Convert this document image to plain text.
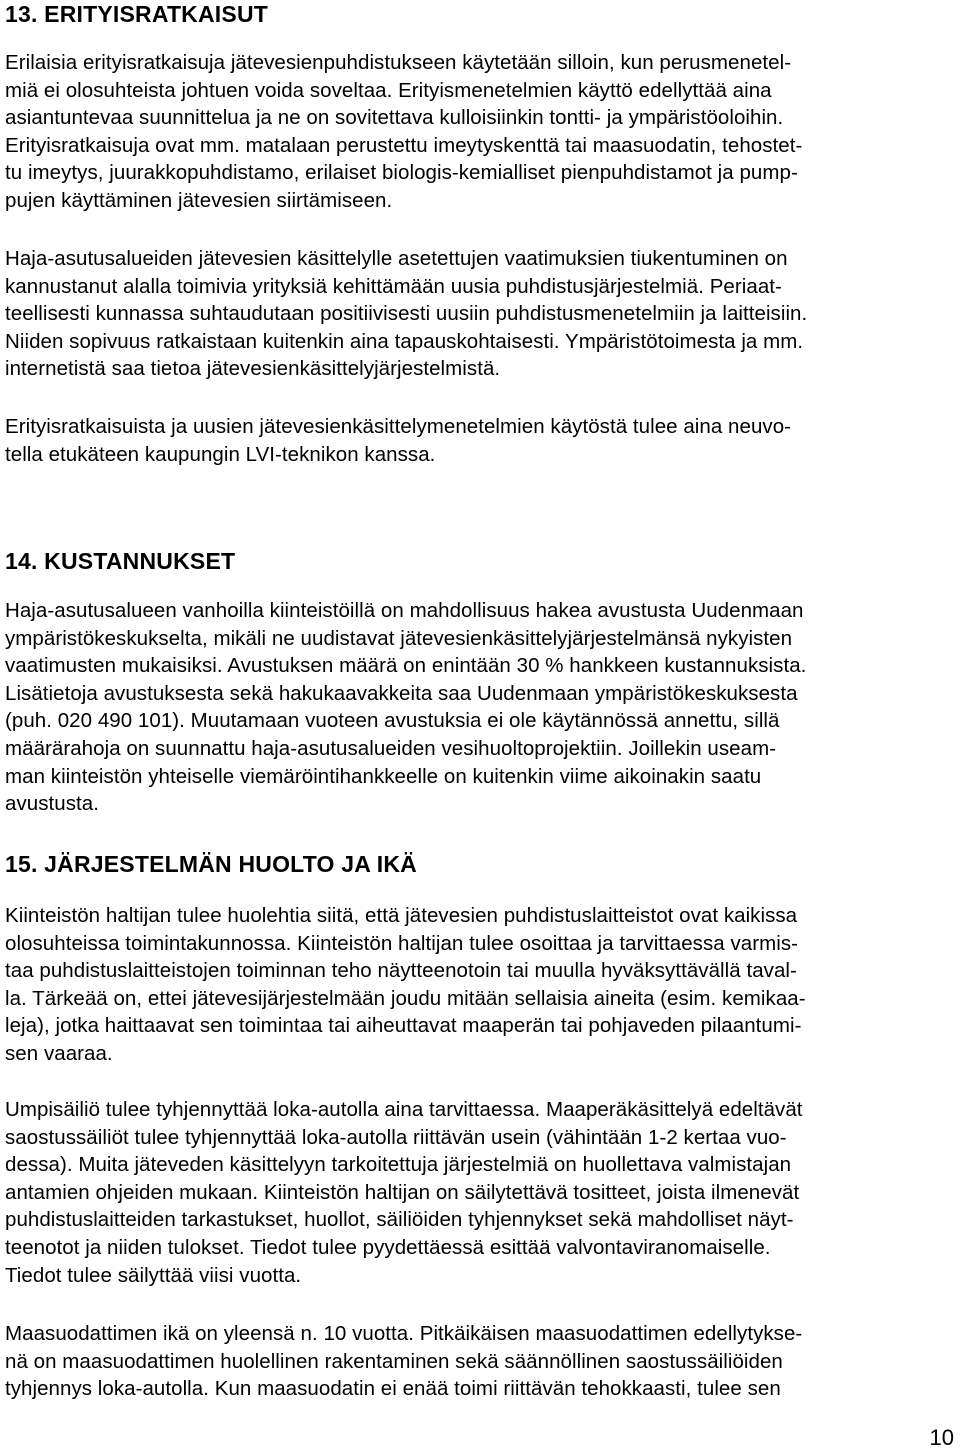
13. ERITYISRATKAISUT

Erilaisia erityisratkaisuja jätevesienpuhdistukseen käytetään silloin, kun perusmenetel-
miä ei olosuhteista johtuen voida soveltaa. Erityismenetelmien käyttö edellyttää aina
asiantuntevaa suunnittelua ja ne on sovitettava kulloisiinkin tontti- ja ympäristöoloihin.
Erityisratkaisuja ovat mm. matalaan perustettu imeytyskenttä tai maasuodatin, tehostet-
tu imeytys, juurakkopuhdistamo, erilaiset biologis-kemialliset pienpuhdistamot ja pump-
pujen käyttäminen jätevesien siirtämiseen.

Haja-asutusalueiden jätevesien käsittelylle asetettujen vaatimuksien tiukentuminen on
kannustanut alalla toimivia yrityksiä kehittämään uusia puhdistusjärjestelmiä. Periaat-
teellisesti kunnassa suhtaudutaan positiivisesti uusiin puhdistusmenetelmiin ja laitteisiin.
Niiden sopivuus ratkaistaan kuitenkin aina tapauskohtaisesti. Ympäristötoimesta ja mm.
internetistä saa tietoa jätevesienkäsittelyjärjestelmistä.

Erityisratkaisuista ja uusien jätevesienkäsittelymenetelmien käytöstä tulee aina neuvo-
tella etukäteen kaupungin LVI-teknikon kanssa.

14. KUSTANNUKSET

Haja-asutusalueen vanhoilla kiinteistöillä on mahdollisuus hakea avustusta Uudenmaan
ympäristökeskukselta, mikäli ne uudistavat jätevesienkäsittelyjärjestelmänsä nykyisten
vaatimusten mukaisiksi. Avustuksen määrä on enintään 30 % hankkeen kustannuksista.
Lisätietoja avustuksesta sekä hakukaavakkeita saa Uudenmaan ympäristökeskuksesta
(puh. 020 490 101). Muutamaan vuoteen avustuksia ei ole käytännössä annettu, sillä
määrärahoja on suunnattu haja-asutusalueiden vesihuoltoprojektiin. Joillekin useam-
man kiinteistön yhteiselle viemäröintihankkeelle on kuitenkin viime aikoinakin saatu
avustusta.

15. JÄRJESTELMÄN HUOLTO JA IKÄ

Kiinteistön haltijan tulee huolehtia siitä, että jätevesien puhdistuslaitteistot ovat kaikissa
olosuhteissa toimintakunnossa. Kiinteistön haltijan tulee osoittaa ja tarvittaessa varmis-
taa puhdistuslaitteistojen toiminnan teho näytteenotoin tai muulla hyväksyttävällä taval-
la. Tärkeää on, ettei jätevesijärjestelmään joudu mitään sellaisia aineita (esim. kemikaa-
leja), jotka haittaavat sen toimintaa tai aiheuttavat maaperän tai pohjaveden pilaantumi-
sen vaaraa.

Umpisäiliö tulee tyhjennyttää loka-autolla aina tarvittaessa. Maaperäkäsittelyä edeltävät
saostussäiliöt tulee tyhjennyttää loka-autolla riittävän usein (vähintään 1-2 kertaa vuo-
dessa). Muita jäteveden käsittelyyn tarkoitettuja järjestelmiä on huollettava valmistajan
antamien ohjeiden mukaan. Kiinteistön haltijan on säilytettävä tositteet, joista ilmenevät
puhdistuslaitteiden tarkastukset, huollot, säiliöiden tyhjennykset sekä mahdolliset näyt-
teenotot ja niiden tulokset. Tiedot tulee pyydettäessä esittää valvontaviranomaiselle.
Tiedot tulee säilyttää viisi vuotta.

Maasuodattimen ikä on yleensä n. 10 vuotta. Pitkäikäisen maasuodattimen edellytykse-
nä on maasuodattimen huolellinen rakentaminen sekä säännöllinen saostussäiliöiden
tyhjennys loka-autolla. Kun maasuodatin ei enää toimi riittävän tehokkaasti, tulee sen

10
